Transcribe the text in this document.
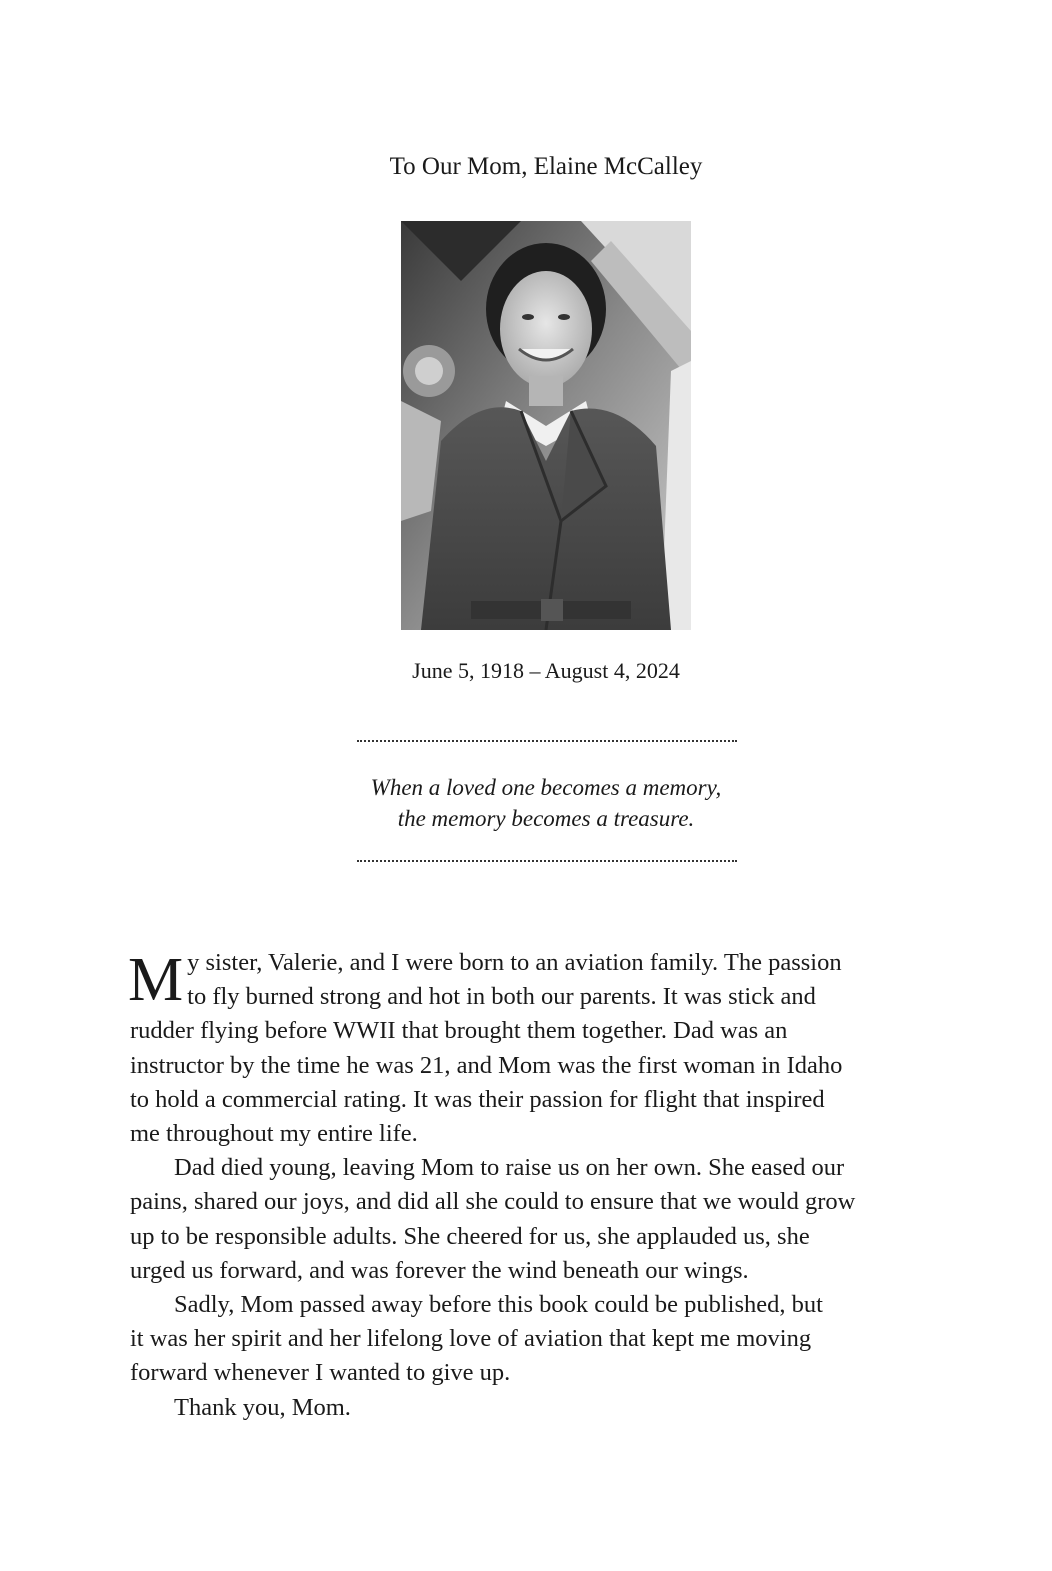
To Our Mom, Elaine McCalley
June 5, 1918 – August 4, 2024
When a loved one becomes a memory,
the memory becomes a treasure.

M y sister, Valerie, and I were born to an aviation family. The passion
to fly burned strong and hot in both our parents. It was stick and
rudder flying before WWII that brought them together. Dad was an
instructor by the time he was 21, and Mom was the first woman in Idaho
to hold a commercial rating. It was their passion for flight that inspired
me throughout my entire life.

Dad died young, leaving Mom to raise us on her own. She eased our
pains, shared our joys, and did all she could to ensure that we would grow
up to be responsible adults. She cheered for us, she applauded us, she
urged us forward, and was forever the wind beneath our wings.

Sadly, Mom passed away before this book could be published, but
it was her spirit and her lifelong love of aviation that kept me moving
forward whenever I wanted to give up.

Thank you, Mom.
